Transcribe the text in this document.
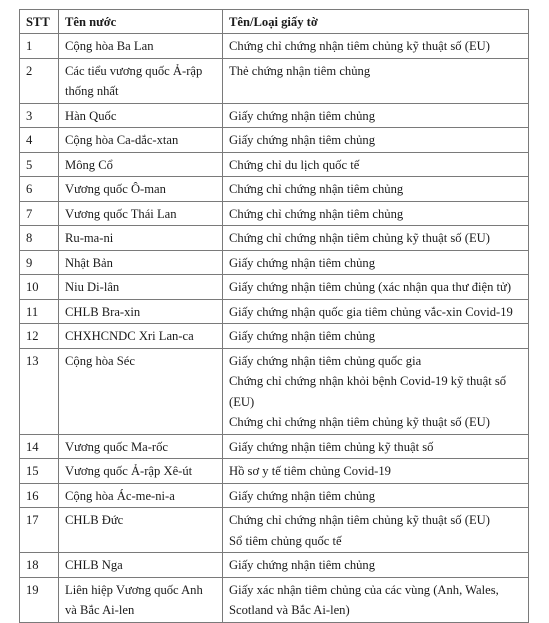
STT	Tên nước	Tên/Loại giấy tờ
1	Cộng hòa Ba Lan	Chứng chỉ chứng nhận tiêm chủng kỹ thuật số (EU)

2	Các tiểu vương quốc Ả-rập thống nhất	Thẻ chứng nhận tiêm chủng

3	Hàn Quốc	Giấy chứng nhận tiêm chủng

4	Cộng hòa Ca-dắc-xtan	Giấy chứng nhận tiêm chủng

5	Mông Cổ	Chứng chỉ du lịch quốc tế

6	Vương quốc Ô-man	Chứng chỉ chứng nhận tiêm chủng

7	Vương quốc Thái Lan	Chứng chỉ chứng nhận tiêm chủng

8	Ru-ma-ni	Chứng chỉ chứng nhận tiêm chủng kỹ thuật số (EU)

9	Nhật Bản	Giấy chứng nhận tiêm chủng

10	Niu Di-lân	Giấy chứng nhận tiêm chủng (xác nhận qua thư điện tử)

11	CHLB Bra-xin	Giấy chứng nhận quốc gia tiêm chủng vắc-xin Covid-19

12	CHXHCNDC Xri Lan-ca	Giấy chứng nhận tiêm chủng

13	Cộng hòa Séc	Giấy chứng nhận tiêm chủng quốc gia
Chứng chỉ chứng nhận khỏi bệnh Covid-19 kỹ thuật số (EU)
Chứng chỉ chứng nhận tiêm chủng kỹ thuật số (EU)

14	Vương quốc Ma-rốc	Giấy chứng nhận tiêm chủng kỹ thuật số

15	Vương quốc Ả-rập Xê-út	Hồ sơ y tế tiêm chủng Covid-19

16	Cộng hòa Ác-me-ni-a	Giấy chứng nhận tiêm chủng

17	CHLB Đức	Chứng chỉ chứng nhận tiêm chủng kỹ thuật số (EU)
Sổ tiêm chủng quốc tế

18	CHLB Nga	Giấy chứng nhận tiêm chủng

19	Liên hiệp Vương quốc Anh và Bắc Ai-len	Giấy xác nhận tiêm chủng của các vùng (Anh, Wales, Scotland và Bắc Ai-len)
